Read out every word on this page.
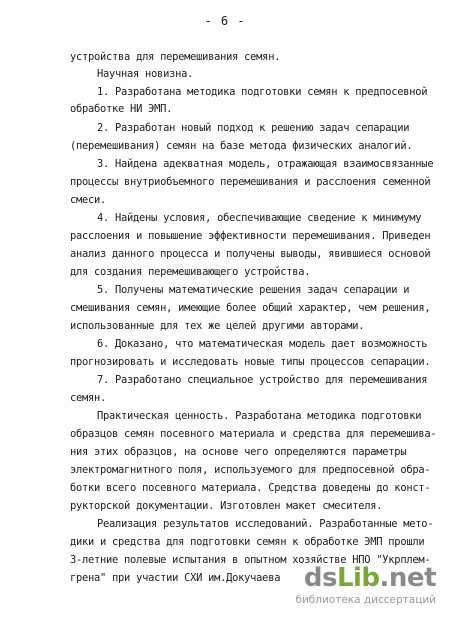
- 6 -
устройства для перемешивания семян.
Научная новизна.
1. Разработана методика подготовки семян к предпосевной
обработке НИ ЭМП.
2. Разработан новый подход к решению задач сепарации
(перемешивания) семян на базе метода физических аналогий.
3. Найдена адекватная модель, отражающая взаимосвязанные
процессы внутриобъемного перемешивания и расслоения семенной
смеси.
4. Найдены условия, обеспечивающие сведение к минимуму
расслоения и повышение эффективности перемешивания. Приведен
анализ данного процесса и получены выводы, явившиеся основой
для создания перемешивающего устройства.
5. Получены математические решения задач сепарации и
смешивания семян, имеющие более общий характер, чем решения,
использованные для тех же целей другими авторами.
6. Доказано, что математическая модель дает возможность
прогнозировать и исследовать новые типы процессов сепарации.
7. Разработано специальное устройство для перемешивания
семян.
Практическая ценность. Разработана методика подготовки
образцов семян посевного материала и средства для перемешива-
ния этих образцов, на основе чего определяются параметры
электромагнитного поля, используемого для предпосевной обра-
ботки всего посевного материала. Средства доведены до конст-
рукторской документации. Изготовлен макет смесителя.
Реализация результатов исследований. Разработанные мето-
дики и средства для подготовки семян к обработке ЭМП прошли
3-летние полевые испытания в опытном хозяйстве НПО "Укрплем-
грена" при участии СХИ им.Докучаева dsLib.net
библиотека диссертаций
